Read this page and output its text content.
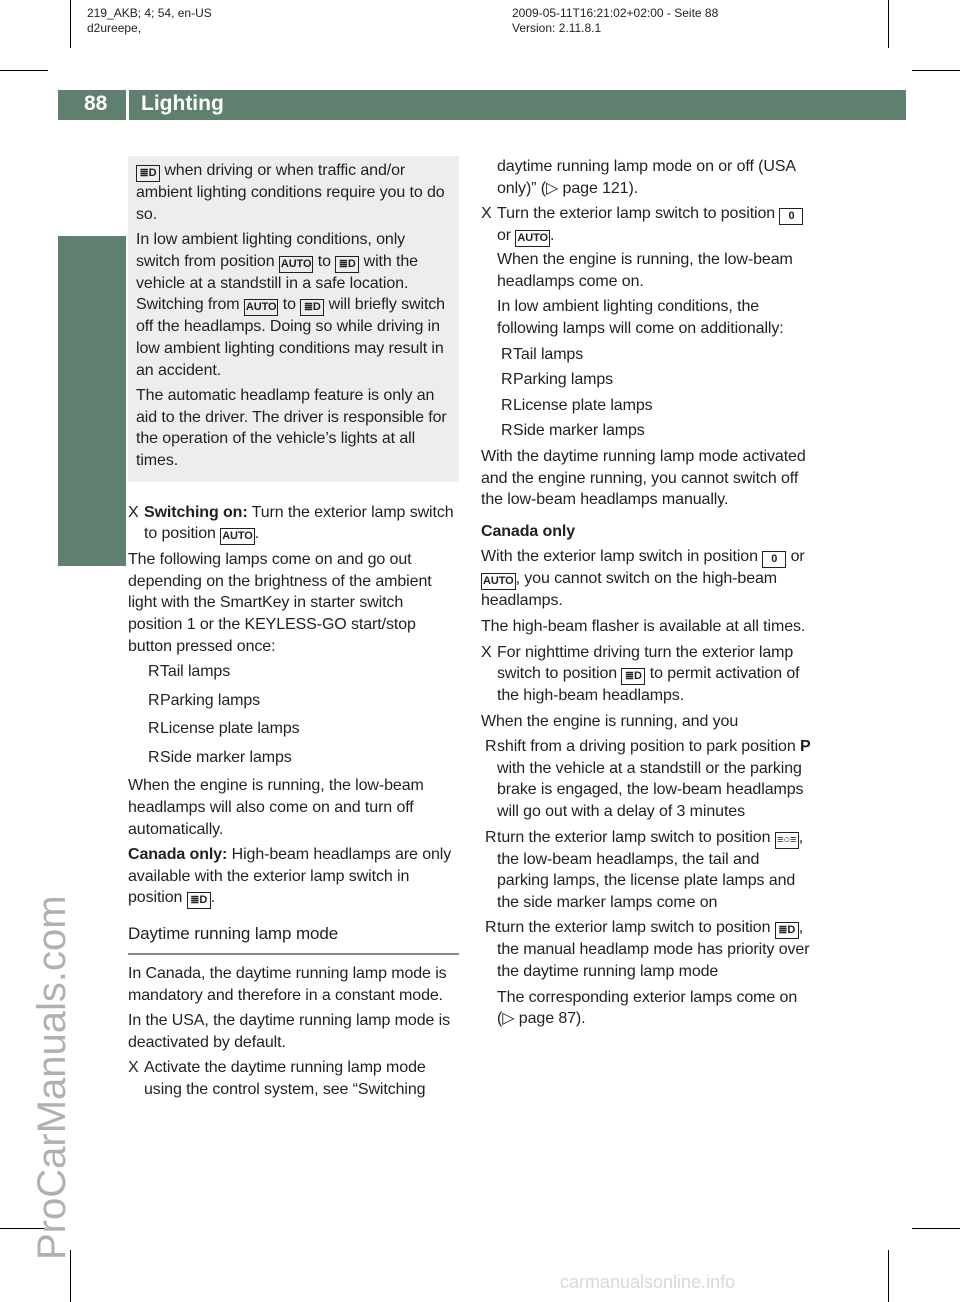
219_AKB; 4; 54, en-US
d2ureepe,
2009-05-11T16:21:02+02:00 - Seite 88
Version: 2.11.8.1
88 Lighting
Controls in detail
ProCarManuals.com

≣D when driving or when traffic and/or ambient lighting conditions require you to do so.

In low ambient lighting conditions, only switch from position AUTO to ≣D with the vehicle at a standstill in a safe location. Switching from AUTO to ≣D will briefly switch off the headlamps. Doing so while driving in low ambient lighting conditions may result in an accident.

The automatic headlamp feature is only an aid to the driver. The driver is responsible for the operation of the vehicle’s lights at all times.

X Switching on: Turn the exterior lamp switch to position AUTO .

The following lamps come on and go out depending on the brightness of the ambient light with the SmartKey in starter switch position 1 or the KEYLESS-GO start/stop button pressed once:

R Tail lamps
R Parking lamps
R License plate lamps
R Side marker lamps

When the engine is running, the low-beam headlamps will also come on and turn off automatically.

Canada only: High-beam headlamps are only available with the exterior lamp switch in position ≣D .

Daytime running lamp mode

In Canada, the daytime running lamp mode is mandatory and therefore in a constant mode.

In the USA, the daytime running lamp mode is deactivated by default.

X Activate the daytime running lamp mode using the control system, see “Switching
daytime running lamp mode on or off (USA only)” (▷ page 121).
X Turn the exterior lamp switch to position 0 or AUTO .
When the engine is running, the low-beam headlamps come on.
In low ambient lighting conditions, the following lamps will come on additionally:
R Tail lamps
R Parking lamps
R License plate lamps
R Side marker lamps

With the daytime running lamp mode activated and the engine running, you cannot switch off the low-beam headlamps manually.

Canada only

With the exterior lamp switch in position 0 or AUTO , you cannot switch on the high-beam headlamps.

The high-beam flasher is available at all times.

X For nighttime driving turn the exterior lamp switch to position ≣D to permit activation of the high-beam headlamps.

When the engine is running, and you

R shift from a driving position to park position P with the vehicle at a standstill or the parking brake is engaged, the low-beam headlamps will go out with a delay of 3 minutes
R turn the exterior lamp switch to position ≡○≡ , the low-beam headlamps, the tail and parking lamps, the license plate lamps and the side marker lamps come on
R turn the exterior lamp switch to position ≣D , the manual headlamp mode has priority over the daytime running lamp mode
The corresponding exterior lamps come on
(▷ page 87).
carmanualsonline.info
